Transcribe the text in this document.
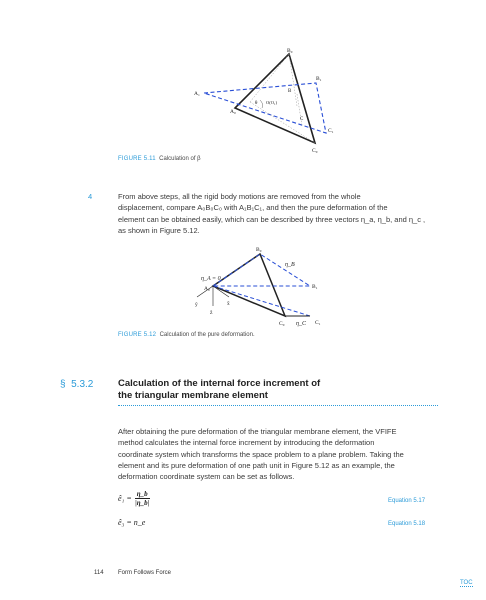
B₀
B₁
B
A₁
A₀
θ O(O₁)
C
C₁
C₀
FIGURE 5.11 Calculation of β
4	From above steps, all the rigid body motions are removed from the whole
displacement, compare A₀B₀C₀ with A₁B₁C₁, and then the pure deformation of the
element can be obtained easily, which can be described by three vectors η_a, η_b, and η_c ,
as shown in Figure 5.12.
B₀
η_B
η_A = 0
A₀	B₁
ŷ	x̂
ẑ
C₀ η_C C₁
FIGURE 5.12 Calculation of the pure deformation.
§ 5.3.2	Calculation of the internal force increment of
the triangular membrane element
After obtaining the pure deformation of the triangular membrane element, the VFIFE
method calculates the internal force increment by introducing the deformation
coordinate system which transforms the space problem to a plane problem. Taking the
element and its pure deformation of one path unit in Figure 5.12 as an example, the
deformation coordinate system can be set as follows.
ê₁ = $\frac{\eta\_b}{|\eta\_b|}$	Equation 5.17
ê₃ = n_e	Equation 5.18
114 Form Follows Force
TOC
